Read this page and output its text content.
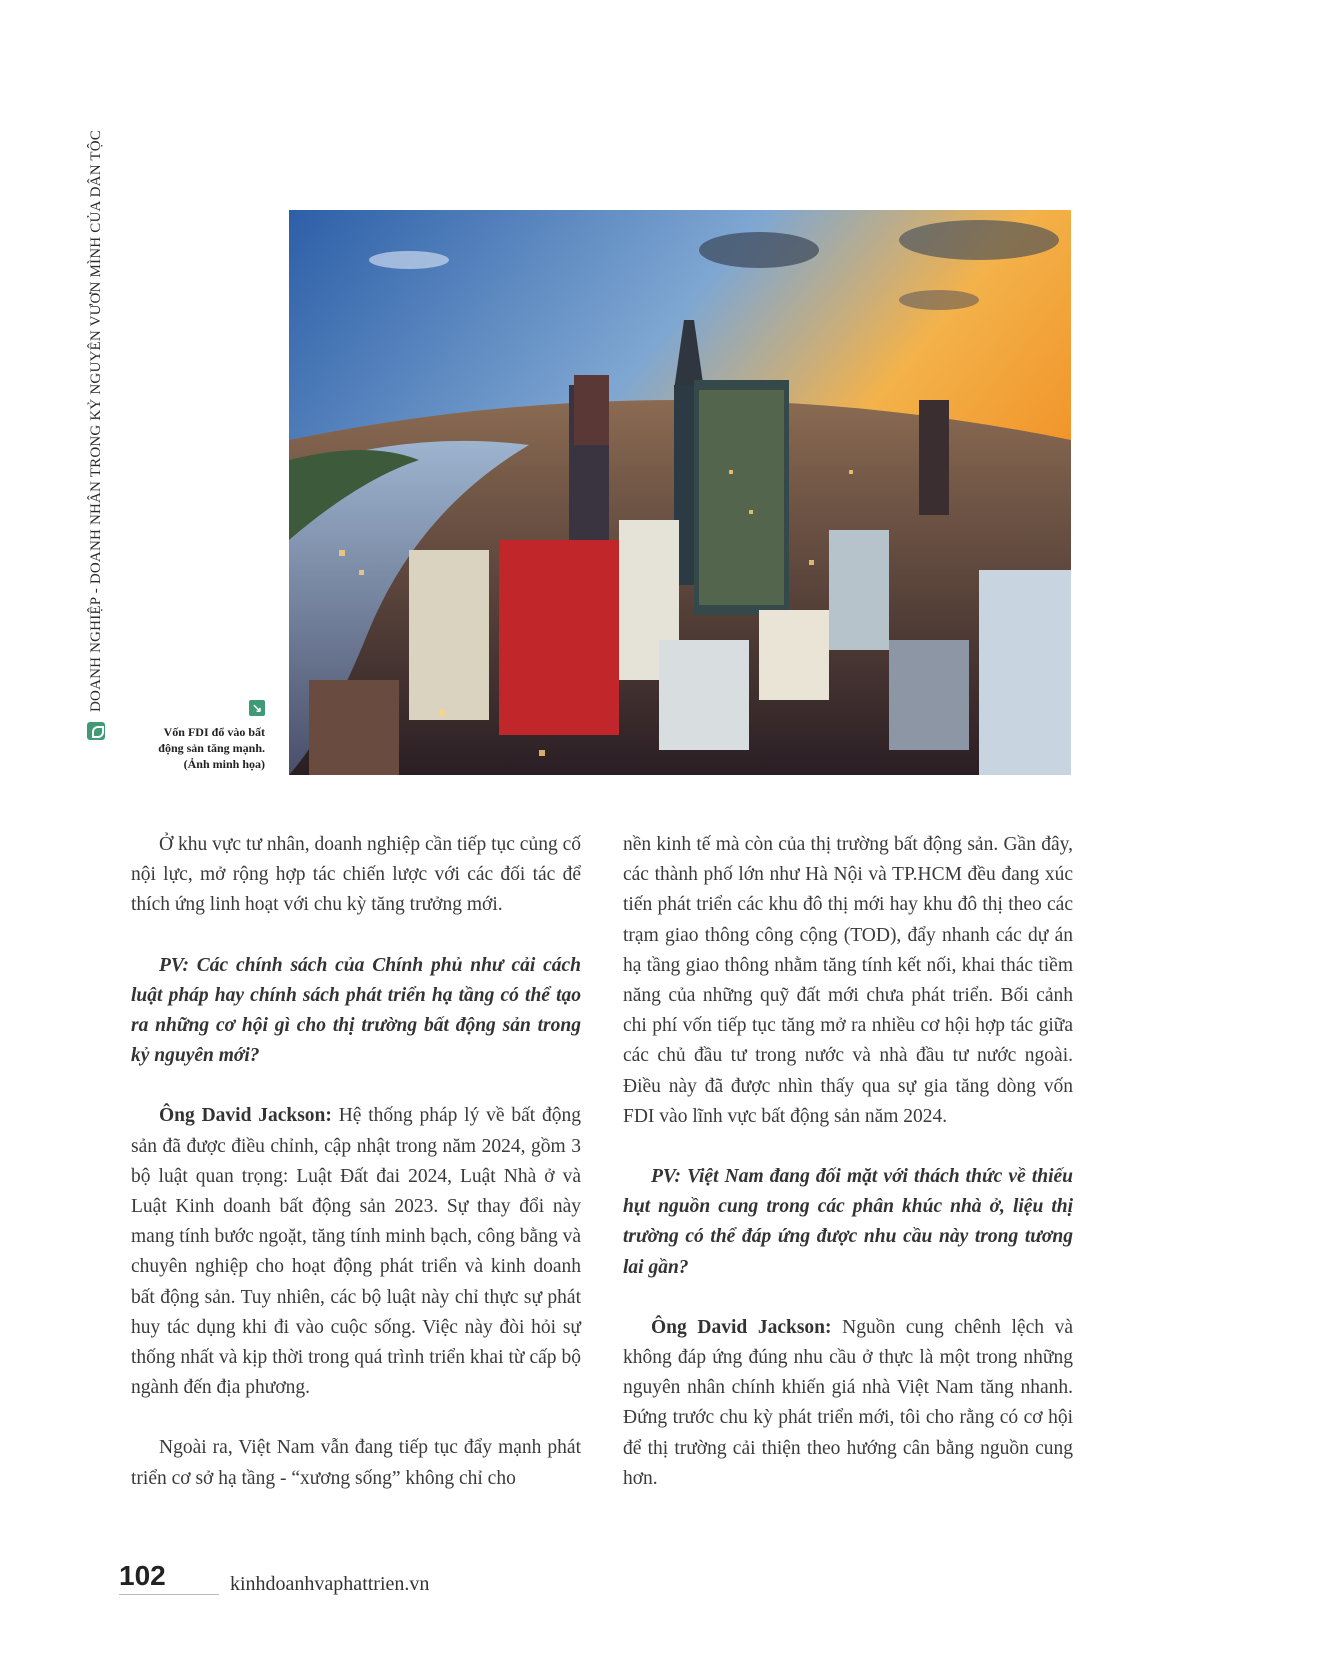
DOANH NGHIỆP - DOANH NHÂN TRONG KỶ NGUYÊN VƯƠN MÌNH CỦA DÂN TỘC	↘
Vốn FDI đổ vào bất
động sản tăng mạnh.
(Ảnh minh họa)

Ở khu vực tư nhân, doanh nghiệp cần tiếp tục củng cố nội lực, mở rộng hợp tác chiến lược với các đối tác để thích ứng linh hoạt với chu kỳ tăng trưởng mới.

PV: Các chính sách của Chính phủ như cải cách luật pháp hay chính sách phát triển hạ tầng có thể tạo ra những cơ hội gì cho thị trường bất động sản trong kỷ nguyên mới?

Ông David Jackson: Hệ thống pháp lý về bất động sản đã được điều chỉnh, cập nhật trong năm 2024, gồm 3 bộ luật quan trọng: Luật Đất đai 2024, Luật Nhà ở và Luật Kinh doanh bất động sản 2023. Sự thay đổi này mang tính bước ngoặt, tăng tính minh bạch, công bằng và chuyên nghiệp cho hoạt động phát triển và kinh doanh bất động sản. Tuy nhiên, các bộ luật này chỉ thực sự phát huy tác dụng khi đi vào cuộc sống. Việc này đòi hỏi sự thống nhất và kịp thời trong quá trình triển khai từ cấp bộ ngành đến địa phương.

Ngoài ra, Việt Nam vẫn đang tiếp tục đẩy mạnh phát triển cơ sở hạ tầng - “xương sống” không chỉ cho

nền kinh tế mà còn của thị trường bất động sản. Gần đây, các thành phố lớn như Hà Nội và TP.HCM đều đang xúc tiến phát triển các khu đô thị mới hay khu đô thị theo các trạm giao thông công cộng (TOD), đẩy nhanh các dự án hạ tầng giao thông nhằm tăng tính kết nối, khai thác tiềm năng của những quỹ đất mới chưa phát triển. Bối cảnh chi phí vốn tiếp tục tăng mở ra nhiều cơ hội hợp tác giữa các chủ đầu tư trong nước và nhà đầu tư nước ngoài. Điều này đã được nhìn thấy qua sự gia tăng dòng vốn FDI vào lĩnh vực bất động sản năm 2024.

PV: Việt Nam đang đối mặt với thách thức về thiếu hụt nguồn cung trong các phân khúc nhà ở, liệu thị trường có thể đáp ứng được nhu cầu này trong tương lai gần?

Ông David Jackson: Nguồn cung chênh lệch và không đáp ứng đúng nhu cầu ở thực là một trong những nguyên nhân chính khiến giá nhà Việt Nam tăng nhanh. Đứng trước chu kỳ phát triển mới, tôi cho rằng có cơ hội để thị trường cải thiện theo hướng cân bằng nguồn cung hơn.

102	kinhdoanhvaphattrien.vn
